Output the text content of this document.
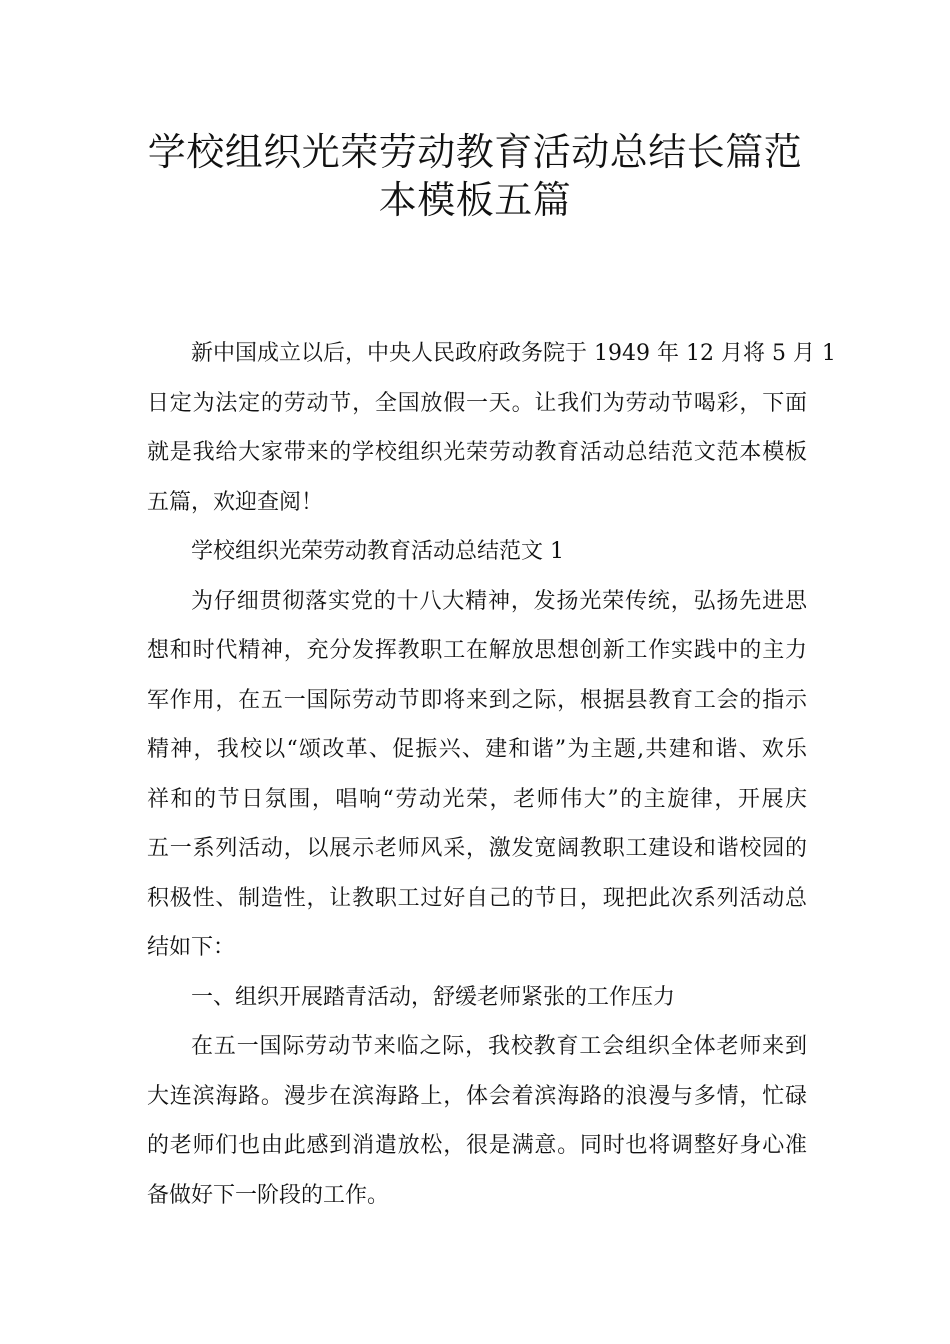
学校组织光荣劳动教育活动总结长篇范
本模板五篇
新中国成立以后，中央人民政府政务院于 1949 年 12 月将 5 月 1
日定为法定的劳动节，全国放假一天。让我们为劳动节喝彩，下面
就是我给大家带来的学校组织光荣劳动教育活动总结范文范本模板
五篇，欢迎查阅！
学校组织光荣劳动教育活动总结范文 1
为仔细贯彻落实党的十八大精神，发扬光荣传统，弘扬先进思
想和时代精神，充分发挥教职工在解放思想创新工作实践中的主力
军作用，在五一国际劳动节即将来到之际，根据县教育工会的指示
精神，我校以“颂改革、促振兴、建和谐”为主题,共建和谐、欢乐
祥和的节日氛围，唱响“劳动光荣，老师伟大”的主旋律，开展庆
五一系列活动，以展示老师风采，激发宽阔教职工建设和谐校园的
积极性、制造性，让教职工过好自己的节日，现把此次系列活动总
结如下：
一、组织开展踏青活动，舒缓老师紧张的工作压力
在五一国际劳动节来临之际，我校教育工会组织全体老师来到
大连滨海路。漫步在滨海路上，体会着滨海路的浪漫与多情，忙碌
的老师们也由此感到消遣放松，很是满意。同时也将调整好身心准
备做好下一阶段的工作。
